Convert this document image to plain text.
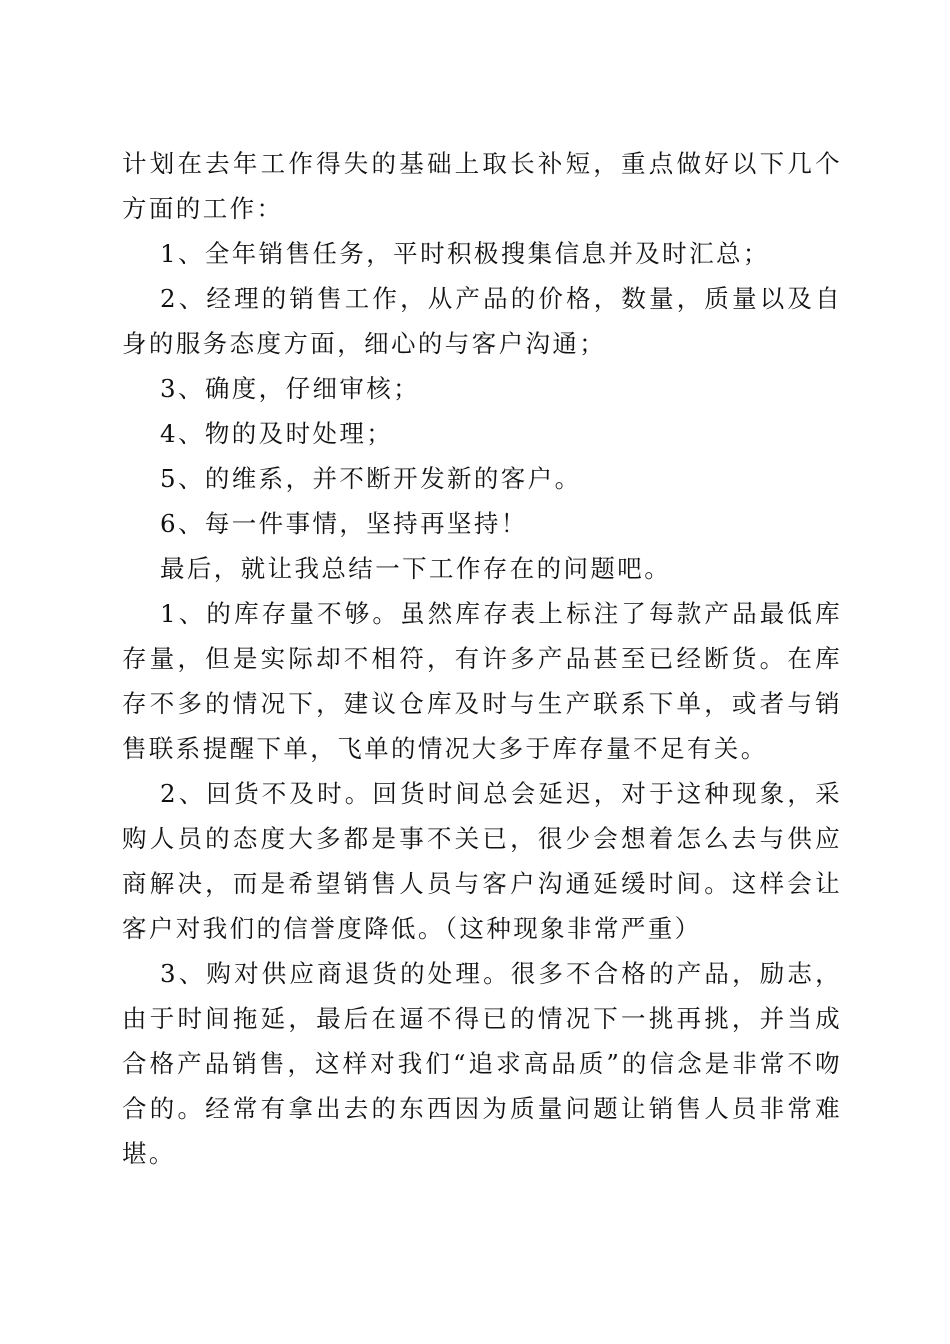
计划在去年工作得失的基础上取长补短，重点做好以下几个方面的工作：

1、全年销售任务，平时积极搜集信息并及时汇总；

2、经理的销售工作，从产品的价格，数量，质量以及自身的服务态度方面，细心的与客户沟通；

3、确度，仔细审核；

4、物的及时处理；

5、的维系，并不断开发新的客户。

6、每一件事情，坚持再坚持！

最后，就让我总结一下工作存在的问题吧。

1、的库存量不够。虽然库存表上标注了每款产品最低库存量，但是实际却不相符，有许多产品甚至已经断货。在库存不多的情况下，建议仓库及时与生产联系下单，或者与销售联系提醒下单，飞单的情况大多于库存量不足有关。

2、回货不及时。回货时间总会延迟，对于这种现象，采购人员的态度大多都是事不关已，很少会想着怎么去与供应商解决，而是希望销售人员与客户沟通延缓时间。这样会让客户对我们的信誉度降低。（这种现象非常严重）

3、购对供应商退货的处理。很多不合格的产品，励志，由于时间拖延，最后在逼不得已的情况下一挑再挑，并当成合格产品销售，这样对我们“追求高品质”的信念是非常不吻合的。经常有拿出去的东西因为质量问题让销售人员非常难堪。
